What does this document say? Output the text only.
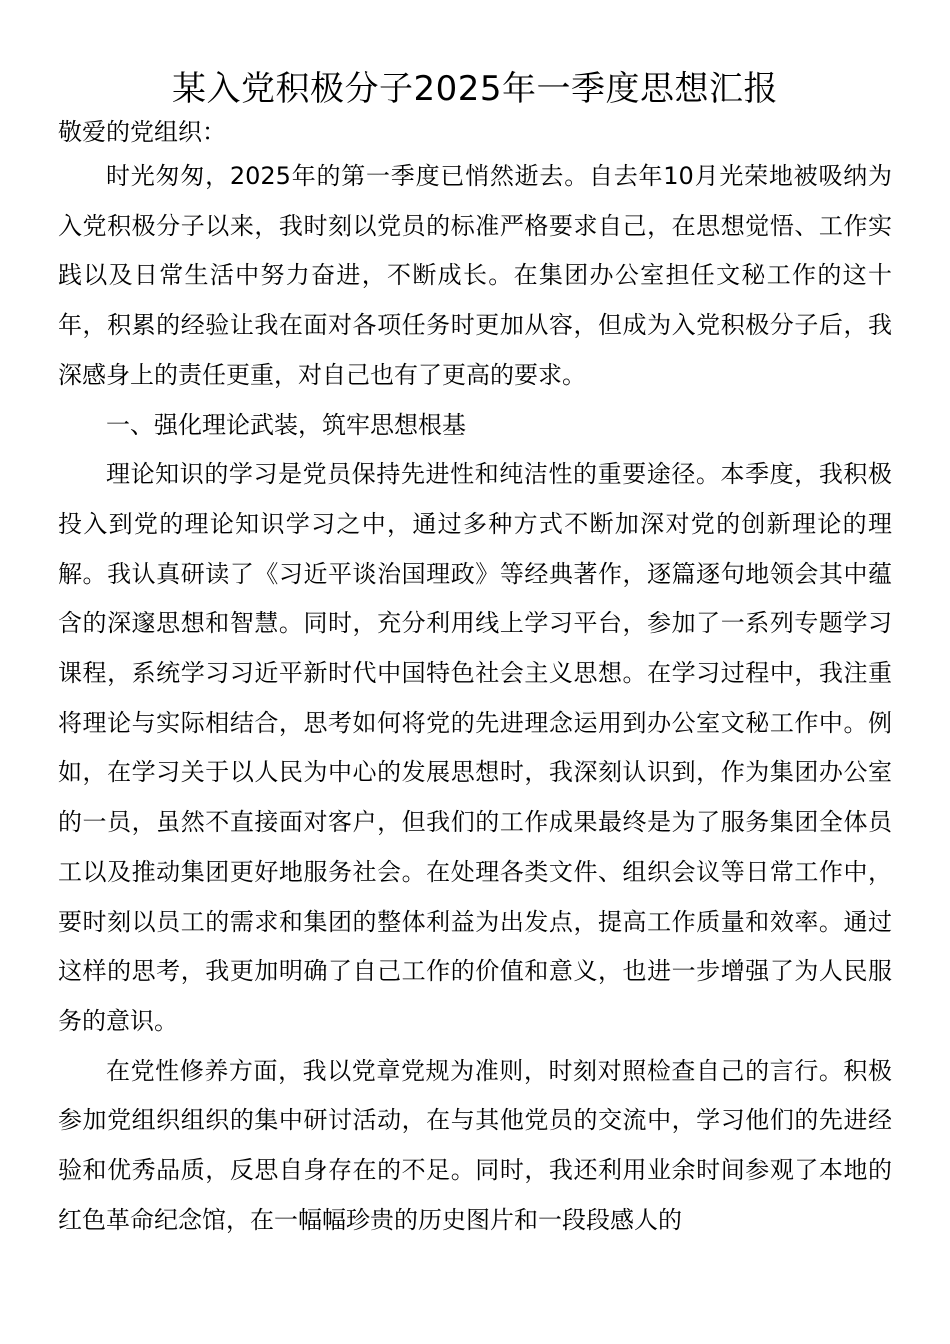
某入党积极分子2025年一季度思想汇报

敬爱的党组织：

时光匆匆，2025年的第一季度已悄然逝去。自去年10月光荣地被吸纳为入党积极分子以来，我时刻以党员的标准严格要求自己，在思想觉悟、工作实践以及日常生活中努力奋进，不断成长。在集团办公室担任文秘工作的这十年，积累的经验让我在面对各项任务时更加从容，但成为入党积极分子后，我深感身上的责任更重，对自己也有了更高的要求。

一、强化理论武装，筑牢思想根基

理论知识的学习是党员保持先进性和纯洁性的重要途径。本季度，我积极投入到党的理论知识学习之中，通过多种方式不断加深对党的创新理论的理解。我认真研读了《习近平谈治国理政》等经典著作，逐篇逐句地领会其中蕴含的深邃思想和智慧。同时，充分利用线上学习平台，参加了一系列专题学习课程，系统学习习近平新时代中国特色社会主义思想。在学习过程中，我注重将理论与实际相结合，思考如何将党的先进理念运用到办公室文秘工作中。例如，在学习关于以人民为中心的发展思想时，我深刻认识到，作为集团办公室的一员，虽然不直接面对客户，但我们的工作成果最终是为了服务集团全体员工以及推动集团更好地服务社会。在处理各类文件、组织会议等日常工作中，要时刻以员工的需求和集团的整体利益为出发点，提高工作质量和效率。通过这样的思考，我更加明确了自己工作的价值和意义，也进一步增强了为人民服务的意识。

在党性修养方面，我以党章党规为准则，时刻对照检查自己的言行。积极参加党组织组织的集中研讨活动，在与其他党员的交流中，学习他们的先进经验和优秀品质，反思自身存在的不足。同时，我还利用业余时间参观了本地的红色革命纪念馆，在一幅幅珍贵的历史图片和一段段感人的
